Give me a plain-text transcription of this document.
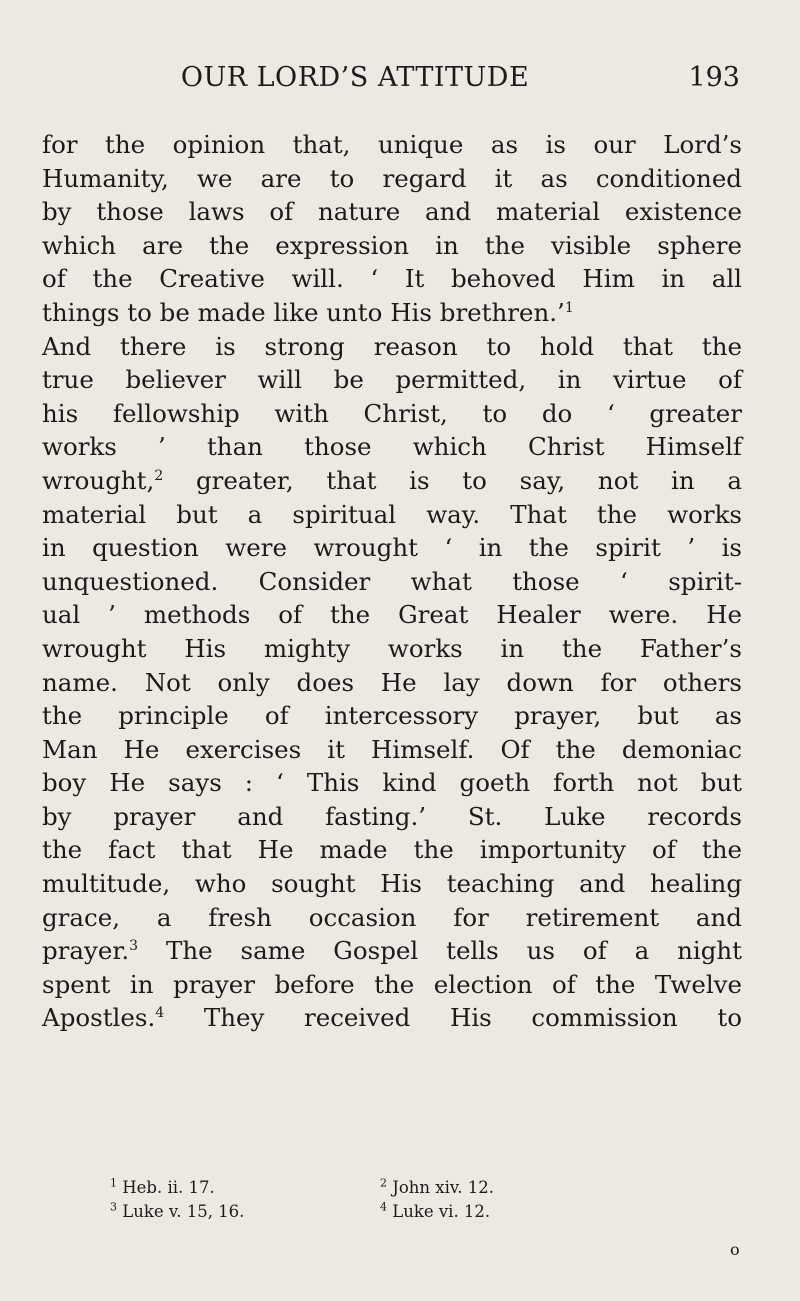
OUR LORD’S ATTITUDE	193
for the opinion that, unique as is our Lord’s
Humanity, we are to regard it as conditioned
by those laws of nature and material existence
which are the expression in the visible sphere
of the Creative will. ‘ It behoved Him in all
things to be made like unto His brethren.’$^1$
And there is strong reason to hold that the
true believer will be permitted, in virtue of
his fellowship with Christ, to do ‘ greater
works ’ than those which Christ Himself
wrought,$^2$ greater, that is to say, not in a
material but a spiritual way. That the works
in question were wrought ‘ in the spirit ’ is
unquestioned. Consider what those ‘ spirit-
ual ’ methods of the Great Healer were. He
wrought His mighty works in the Father’s
name. Not only does He lay down for others
the principle of intercessory prayer, but as
Man He exercises it Himself. Of the demoniac
boy He says : ‘ This kind goeth forth not but
by prayer and fasting.’ St. Luke records
the fact that He made the importunity of the
multitude, who sought His teaching and healing
grace, a fresh occasion for retirement and
prayer.$^3$ The same Gospel tells us of a night
spent in prayer before the election of the Twelve
Apostles.$^4$ They received His commission to
$^1$ Heb. ii. 17.	$^2$ John xiv. 12.
$^3$ Luke v. 15, 16.	$^4$ Luke vi. 12.
o
